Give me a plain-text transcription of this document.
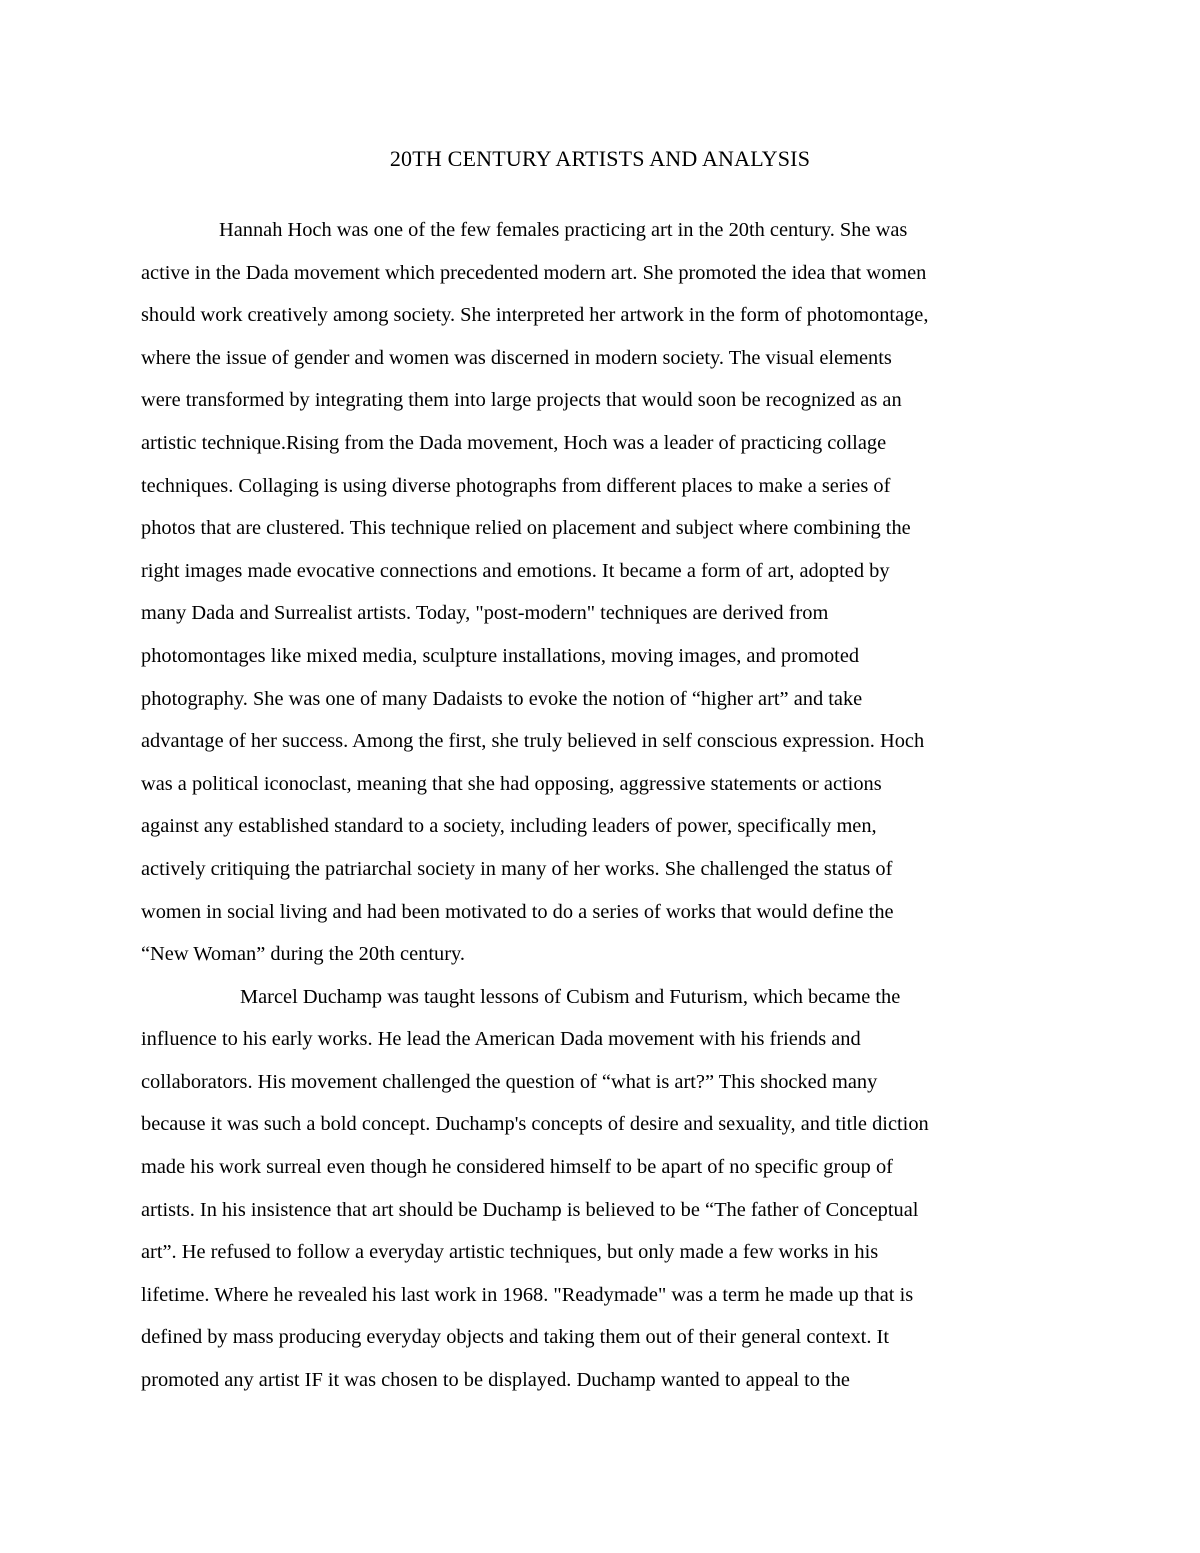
20TH CENTURY ARTISTS AND ANALYSIS
Hannah Hoch was one of the few females practicing art in the 20th century. She was
active in the Dada movement which precedented modern art. She promoted the idea that women
should work creatively among society. She interpreted her artwork in the form of photomontage,
where the issue of gender and women was discerned in modern society. The visual elements
were transformed by integrating them into large projects that would soon be recognized as an
artistic technique.Rising from the Dada movement, Hoch was a leader of practicing collage
techniques. Collaging is using diverse photographs from different places to make a series of
photos that are clustered. This technique relied on placement and subject where combining the
right images made evocative connections and emotions. It became a form of art, adopted by
many Dada and Surrealist artists. Today, "post-modern" techniques are derived from
photomontages like mixed media, sculpture installations, moving images, and promoted
photography. She was one of many Dadaists to evoke the notion of “higher art” and take
advantage of her success. Among the first, she truly believed in self conscious expression. Hoch
was a political iconoclast, meaning that she had opposing, aggressive statements or actions
against any established standard to a society, including leaders of power, specifically men,
actively critiquing the patriarchal society in many of her works. She challenged the status of
women in social living and had been motivated to do a series of works that would define the
“New Woman” during the 20th century.
Marcel Duchamp was taught lessons of Cubism and Futurism, which became the
influence to his early works. He lead the American Dada movement with his friends and
collaborators. His movement challenged the question of “what is art?” This shocked many
because it was such a bold concept. Duchamp's concepts of desire and sexuality, and title diction
made his work surreal even though he considered himself to be apart of no specific group of
artists. In his insistence that art should be Duchamp is believed to be “The father of Conceptual
art”. He refused to follow a everyday artistic techniques, but only made a few works in his
lifetime. Where he revealed his last work in 1968. "Readymade" was a term he made up that is
defined by mass producing everyday objects and taking them out of their general context. It
promoted any artist IF it was chosen to be displayed. Duchamp wanted to appeal to the
